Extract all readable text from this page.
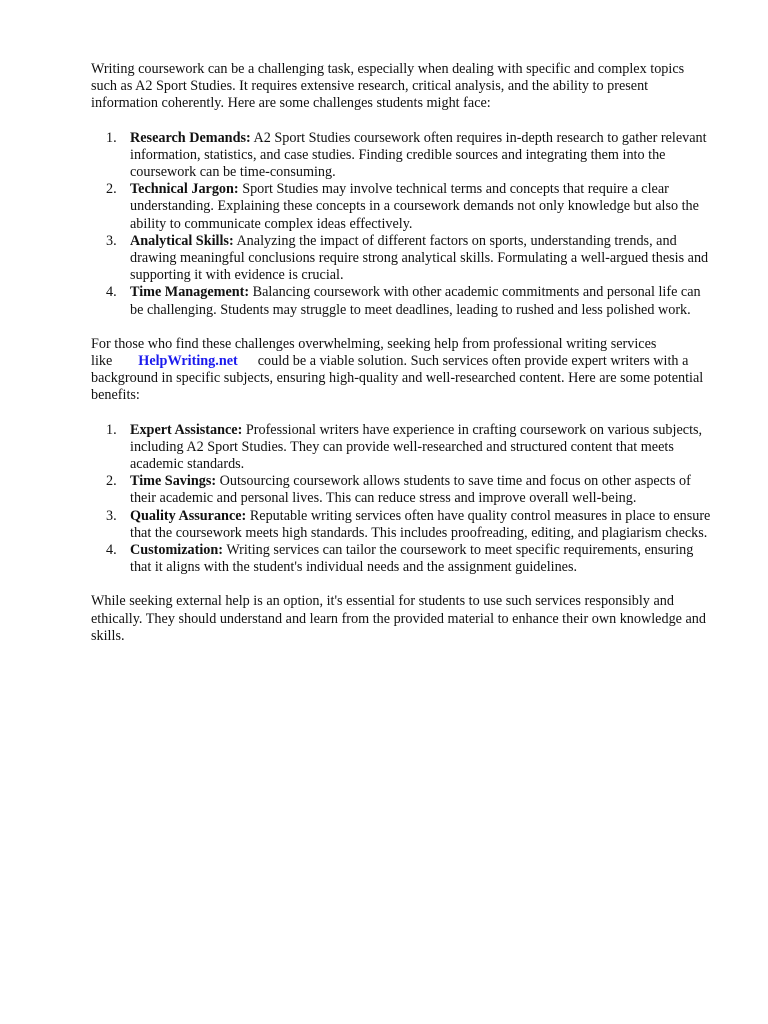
Writing coursework can be a challenging task, especially when dealing with specific and complex topics such as A2 Sport Studies. It requires extensive research, critical analysis, and the ability to present information coherently. Here are some challenges students might face:

1. Research Demands: A2 Sport Studies coursework often requires in-depth research to gather relevant information, statistics, and case studies. Finding credible sources and integrating them into the coursework can be time-consuming.
2. Technical Jargon: Sport Studies may involve technical terms and concepts that require a clear understanding. Explaining these concepts in a coursework demands not only knowledge but also the ability to communicate complex ideas effectively.
3. Analytical Skills: Analyzing the impact of different factors on sports, understanding trends, and drawing meaningful conclusions require strong analytical skills. Formulating a well-argued thesis and supporting it with evidence is crucial.
4. Time Management: Balancing coursework with other academic commitments and personal life can be challenging. Students may struggle to meet deadlines, leading to rushed and less polished work.

For those who find these challenges overwhelming, seeking help from professional writing services like HelpWriting.net could be a viable solution. Such services often provide expert writers with a background in specific subjects, ensuring high-quality and well-researched content. Here are some potential benefits:

1. Expert Assistance: Professional writers have experience in crafting coursework on various subjects, including A2 Sport Studies. They can provide well-researched and structured content that meets academic standards.
2. Time Savings: Outsourcing coursework allows students to save time and focus on other aspects of their academic and personal lives. This can reduce stress and improve overall well-being.
3. Quality Assurance: Reputable writing services often have quality control measures in place to ensure that the coursework meets high standards. This includes proofreading, editing, and plagiarism checks.
4. Customization: Writing services can tailor the coursework to meet specific requirements, ensuring that it aligns with the student's individual needs and the assignment guidelines.

While seeking external help is an option, it's essential for students to use such services responsibly and ethically. They should understand and learn from the provided material to enhance their own knowledge and skills.
